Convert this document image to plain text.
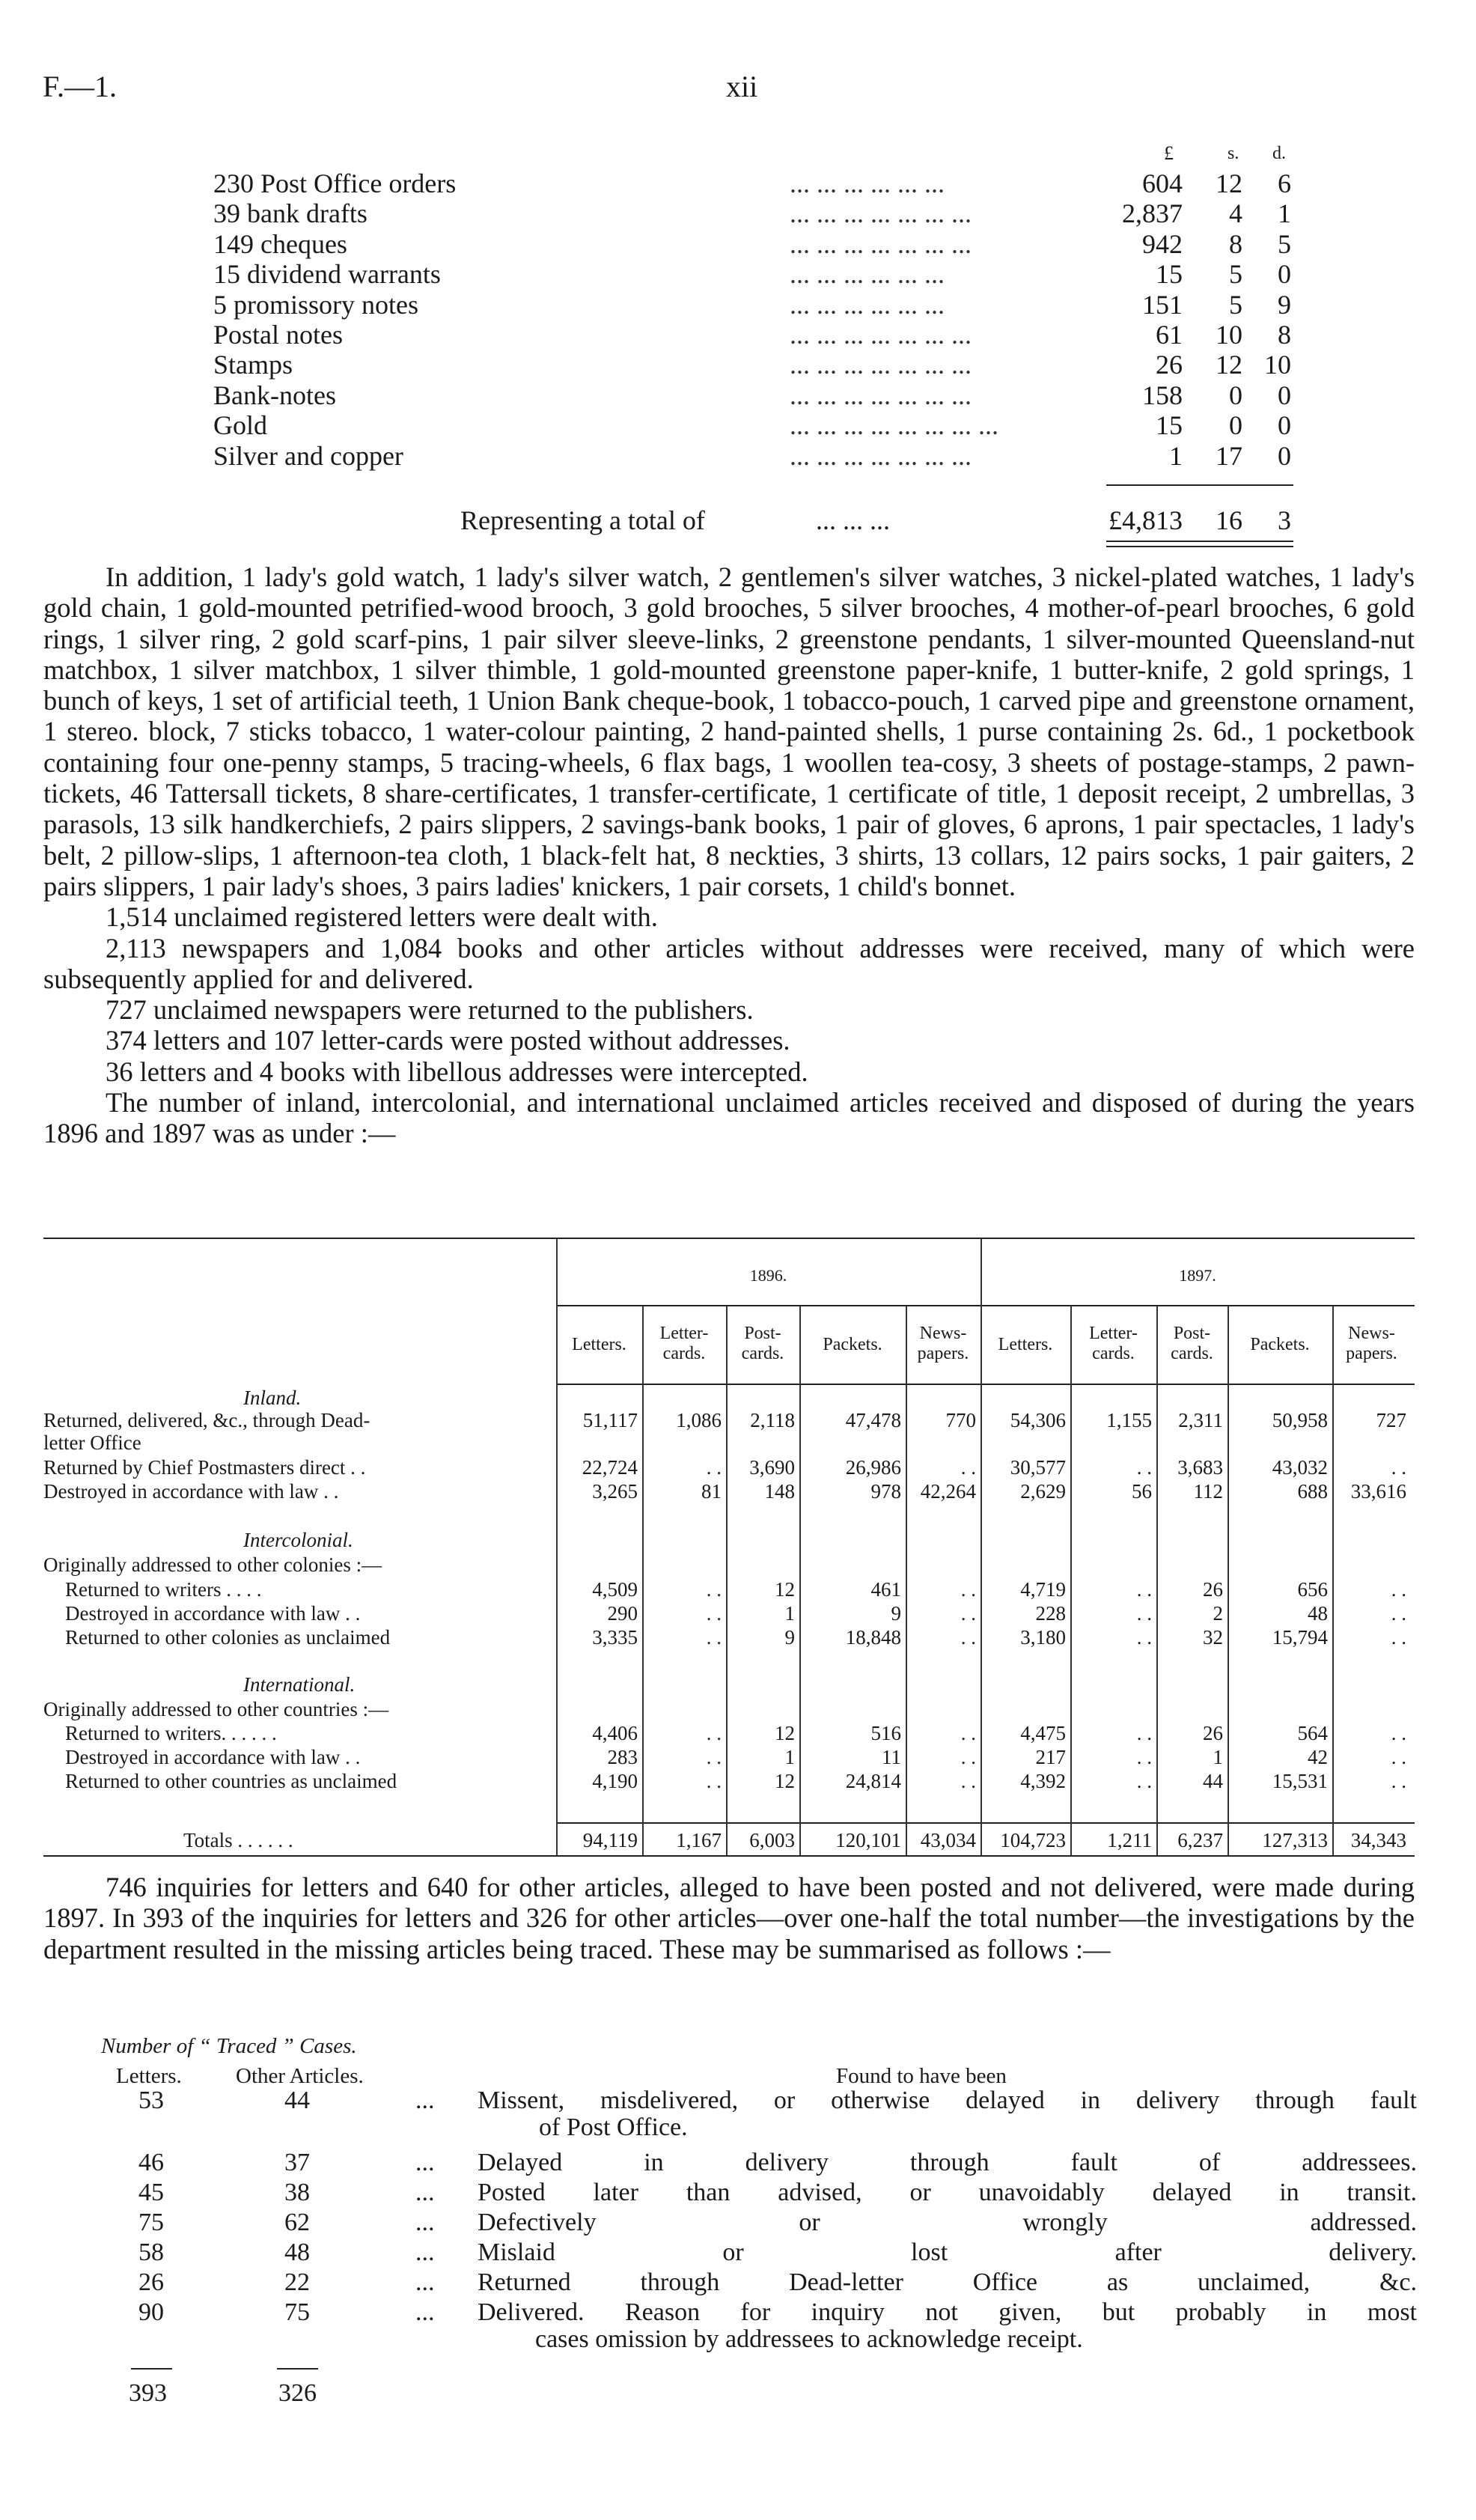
F.—1.	xii
£	s. d.
230 Post Office orders	... ... ... ... ... ...	604	12	6
39 bank drafts	... ... ... ... ... ... ...	2,837	4	1
149 cheques	... ... ... ... ... ... ...	942	8	5
15 dividend warrants	... ... ... ... ... ...	15	5	0
5 promissory notes	... ... ... ... ... ...	151	5	9
Postal notes	... ... ... ... ... ... ...	61	10	8
Stamps	... ... ... ... ... ... ...	26	12 10
Bank-notes	... ... ... ... ... ... ...	158	0	0
Gold	... ... ... ... ... ... ... ...	15	0	0
Silver and copper	... ... ... ... ... ... ...	1	17	0
Representing a total of	... ... ...	£4,813	16	3

In addition, 1 lady's gold watch, 1 lady's silver watch, 2 gentlemen's silver watches, 3 nickel-plated watches, 1 lady's gold chain, 1 gold-mounted petrified-wood brooch, 3 gold brooches, 5 silver brooches, 4 mother-of-pearl brooches, 6 gold rings, 1 silver ring, 2 gold scarf-pins, 1 pair silver sleeve-links, 2 greenstone pendants, 1 silver-mounted Queensland-nut matchbox, 1 silver matchbox, 1 silver thimble, 1 gold-mounted greenstone paper-knife, 1 butter-knife, 2 gold springs, 1 bunch of keys, 1 set of artificial teeth, 1 Union Bank cheque-book, 1 tobacco-pouch, 1 carved pipe and greenstone ornament, 1 stereo. block, 7 sticks tobacco, 1 water-colour painting, 2 hand-painted shells, 1 purse containing 2s. 6d., 1 pocketbook containing four one-penny stamps, 5 tracing-wheels, 6 flax bags, 1 woollen tea-cosy, 3 sheets of postage-stamps, 2 pawn-tickets, 46 Tattersall tickets, 8 share-certificates, 1 transfer-certificate, 1 certificate of title, 1 deposit receipt, 2 umbrellas, 3 parasols, 13 silk handkerchiefs, 2 pairs slippers, 2 savings-bank books, 1 pair of gloves, 6 aprons, 1 pair spectacles, 1 lady's belt, 2 pillow-slips, 1 afternoon-tea cloth, 1 black-felt hat, 8 neckties, 3 shirts, 13 collars, 12 pairs socks, 1 pair gaiters, 2 pairs slippers, 1 pair lady's shoes, 3 pairs ladies' knickers, 1 pair corsets, 1 child's bonnet.

1,514 unclaimed registered letters were dealt with.

2,113 newspapers and 1,084 books and other articles without addresses were received, many of which were subsequently applied for and delivered.

727 unclaimed newspapers were returned to the publishers.

374 letters and 107 letter-cards were posted without addresses.

36 letters and 4 books with libellous addresses were intercepted.

The number of inland, intercolonial, and international unclaimed articles received and disposed of during the years 1896 and 1897 was as under :—

1896.	1897.
Letters.
Letter-
cards.
Post-
cards.	Packets.
News-
papers.	Letters.
Letter-
cards.
Post-
cards.	Packets.
News-
papers.
Inland.
Returned, delivered, &c., through Dead-
letter Office
51,117	1,086	2,118	47,478	770	54,306	1,155	2,311	50,958	727
Returned by Chief Postmasters direct . .	22,724	. .	3,690	26,986	. .	30,577	. .	3,683	43,032	. .
Destroyed in accordance with law . .	3,265	81	148	978 42,264	2,629	56	112	688	33,616
Intercolonial.
Originally addressed to other colonies :—
Returned to writers . . . .	4,509	. .	12	461	. .	4,719	. .	26	656	. .
Destroyed in accordance with law . .	290	. .	1	9	. .	228	. .	2	48	. .
Returned to other colonies as unclaimed	3,335	. .	9	18,848	. .	3,180	. .	32	15,794	. .
International.
Originally addressed to other countries :—
Returned to writers. . . . . .	4,406	. .	12	516	. .	4,475	. .	26	564	. .
Destroyed in accordance with law . .	283	. .	1	11	. .	217	. .	1	42	. .
Returned to other countries as unclaimed	4,190	. .	12	24,814	. .	4,392	. .	44	15,531	. .
Totals . . . . . .	94,119	1,167	6,003	120,101 43,034	104,723	1,211	6,237	127,313	34,343

746 inquiries for letters and 640 for other articles, alleged to have been posted and not delivered, were made during 1897. In 393 of the inquiries for letters and 326 for other articles—over one-half the total number—the investigations by the department resulted in the missing articles being traced. These may be summarised as follows :—

Number of “ Traced ” Cases.
Letters. Other Articles.	Found to have been
53	44	... Missent, misdelivered, or otherwise delayed in delivery through fault
of Post Office.
46	37	... Delayed in delivery through fault of addressees.
45	38	... Posted later than advised, or unavoidably delayed in transit.
75	62	... Defectively or wrongly addressed.
58	48	... Mislaid or lost after delivery.
26	22	... Returned through Dead-letter Office as unclaimed, &c.
90	75	... Delivered. Reason for inquiry not given, but probably in most
cases omission by addressees to acknowledge receipt.
393	326
